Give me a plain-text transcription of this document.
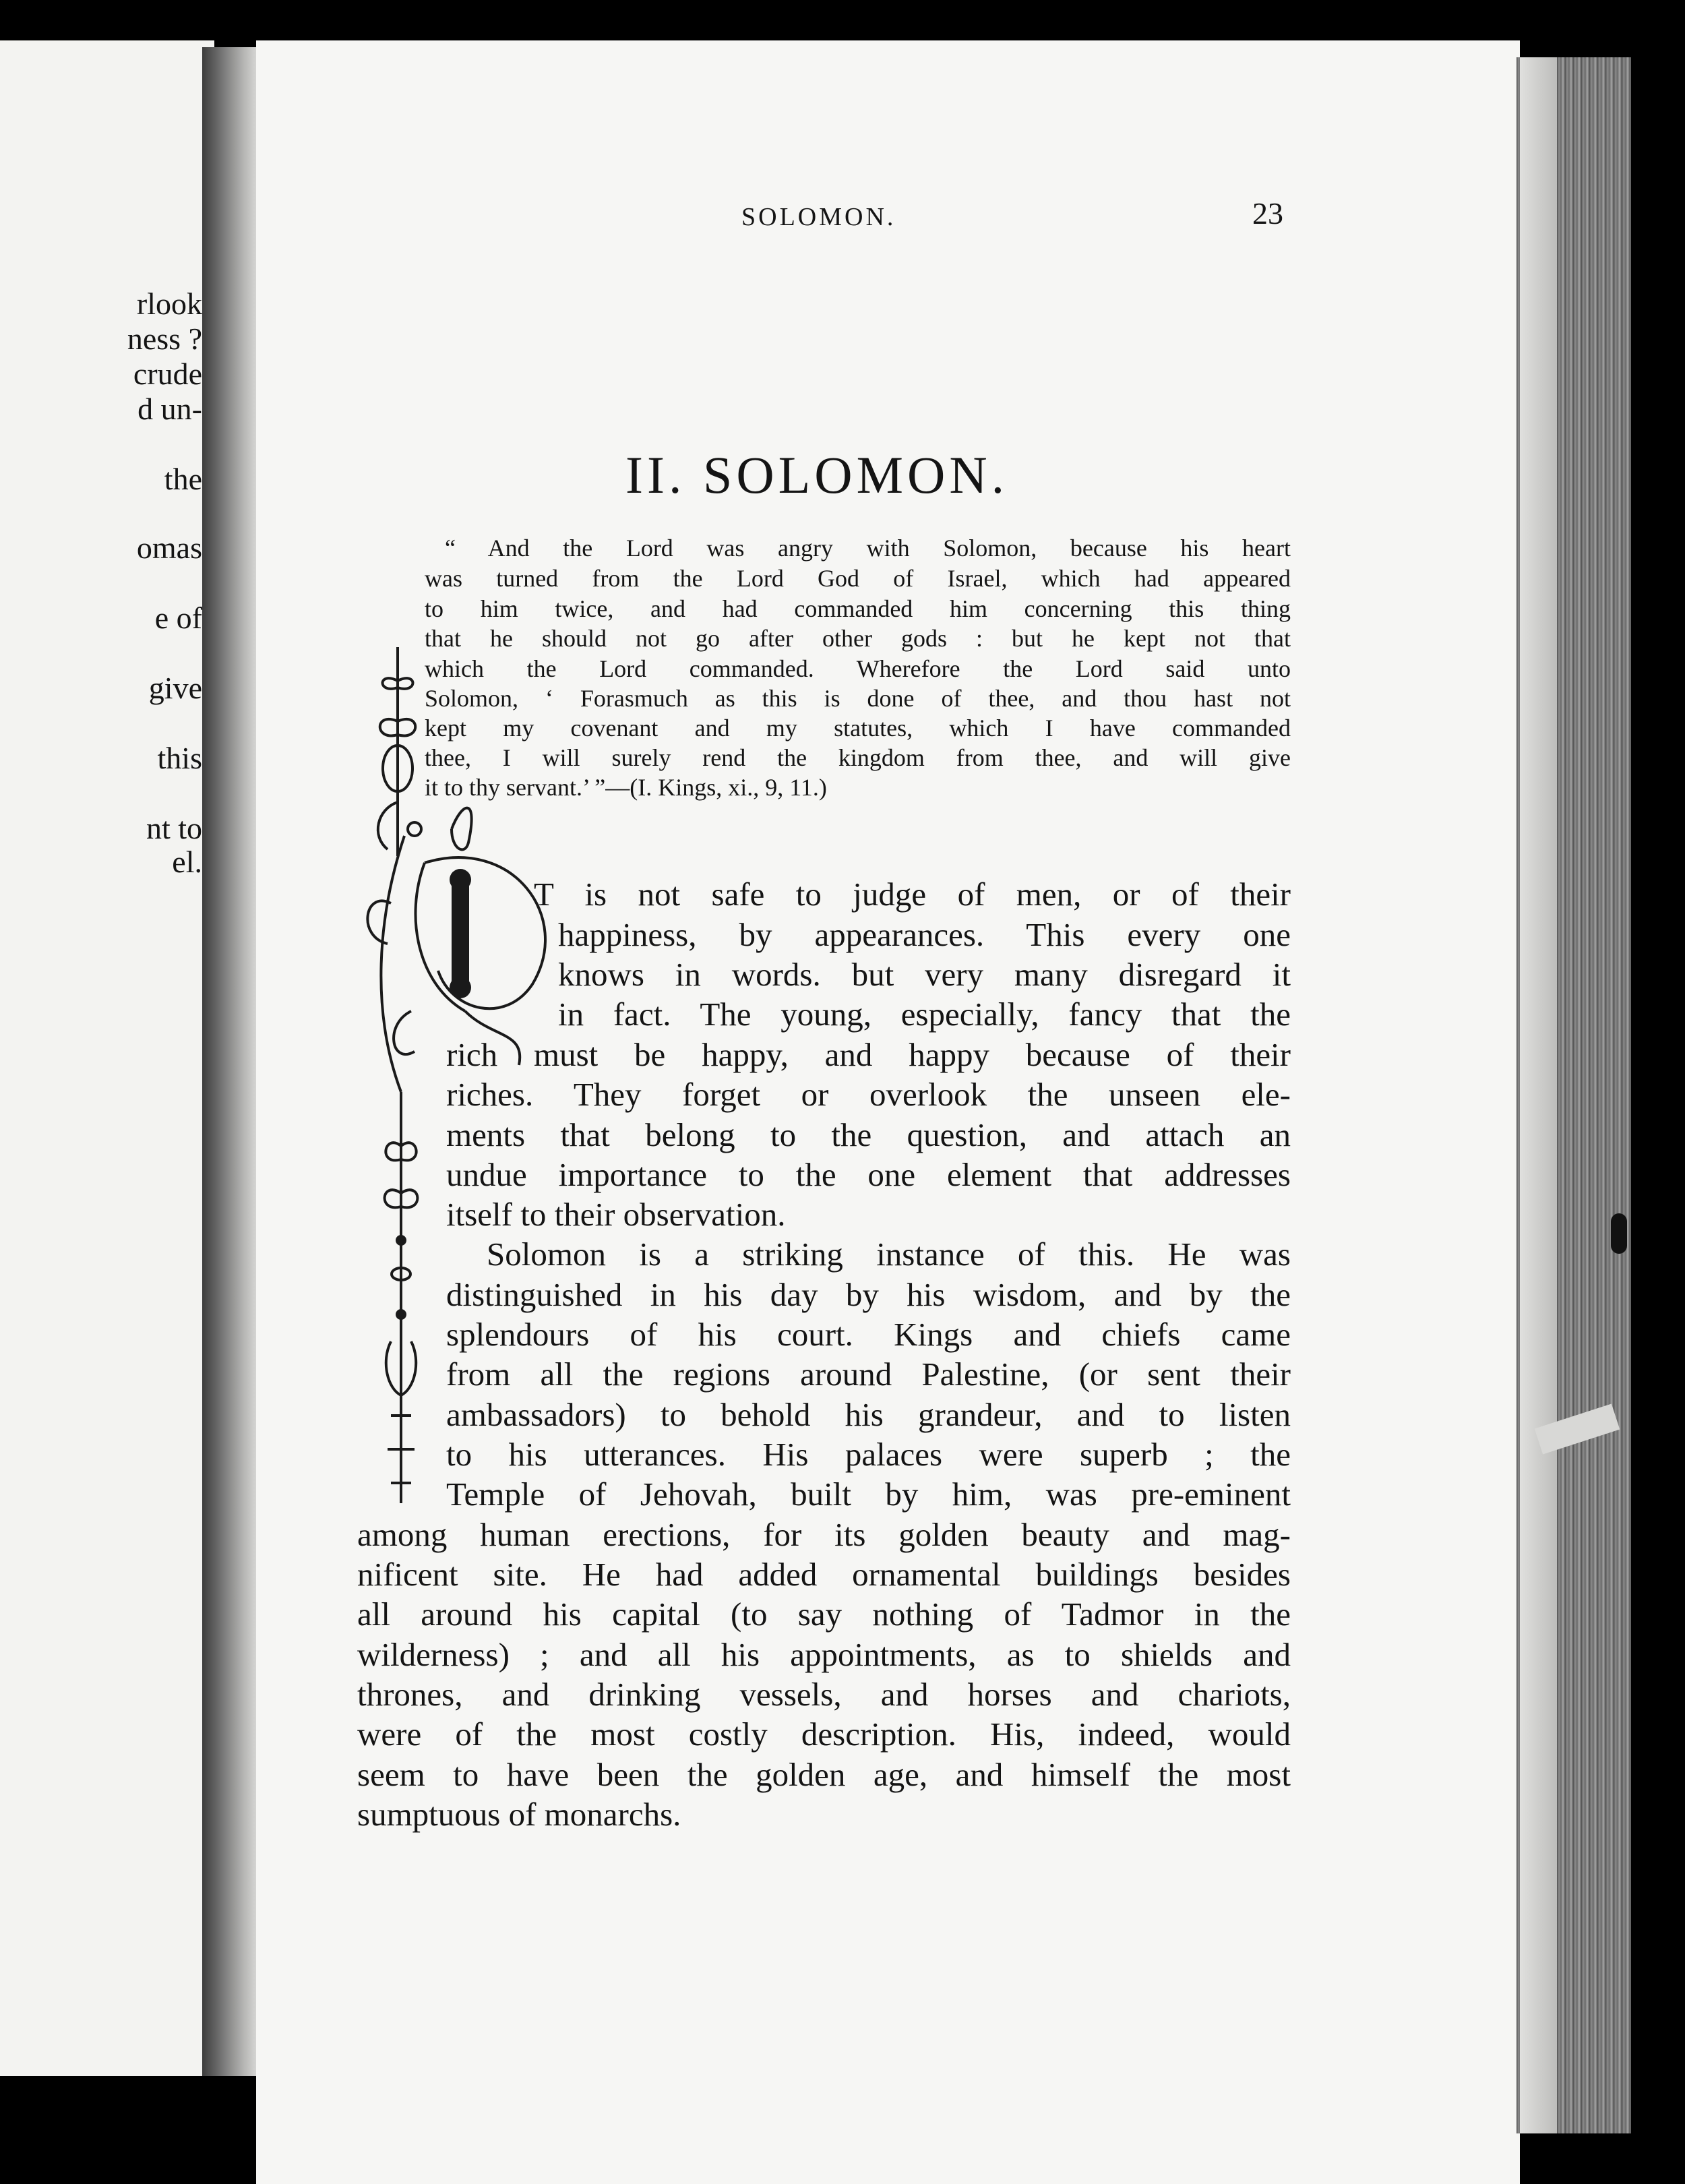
rlook
ness ?
crude
d un-
the
omas
e of
give
this
nt to
el.
SOLOMON.	23
II. SOLOMON.
“ And the Lord was angry with Solomon, because his heart
was turned from the Lord God of Israel, which had appeared
to him twice, and had commanded him concerning this thing
that he should not go after other gods : but he kept not that
which the Lord commanded. Wherefore the Lord said unto
Solomon, ‘ Forasmuch as this is done of thee, and thou hast not
kept my covenant and my statutes, which I have commanded
thee, I will surely rend the kingdom from thee, and will give
it to thy servant.’ ”—(I. Kings, xi., 9, 11.)
T is not safe to judge of men, or of their
happiness, by appearances. This every one
knows in words. but very many disregard it
in fact. The young, especially, fancy that the
rich must be happy, and happy because of their
riches. They forget or overlook the unseen ele-
ments that belong to the question, and attach an
undue importance to the one element that addresses
itself to their observation.
Solomon is a striking instance of this. He was
distinguished in his day by his wisdom, and by the
splendours of his court. Kings and chiefs came
from all the regions around Palestine, (or sent their
ambassadors) to behold his grandeur, and to listen
to his utterances. His palaces were superb ; the
Temple of Jehovah, built by him, was pre-eminent
among human erections, for its golden beauty and mag-
nificent site. He had added ornamental buildings besides
all around his capital (to say nothing of Tadmor in the
wilderness) ; and all his appointments, as to shields and
thrones, and drinking vessels, and horses and chariots,
were of the most costly description. His, indeed, would
seem to have been the golden age, and himself the most
sumptuous of monarchs.
